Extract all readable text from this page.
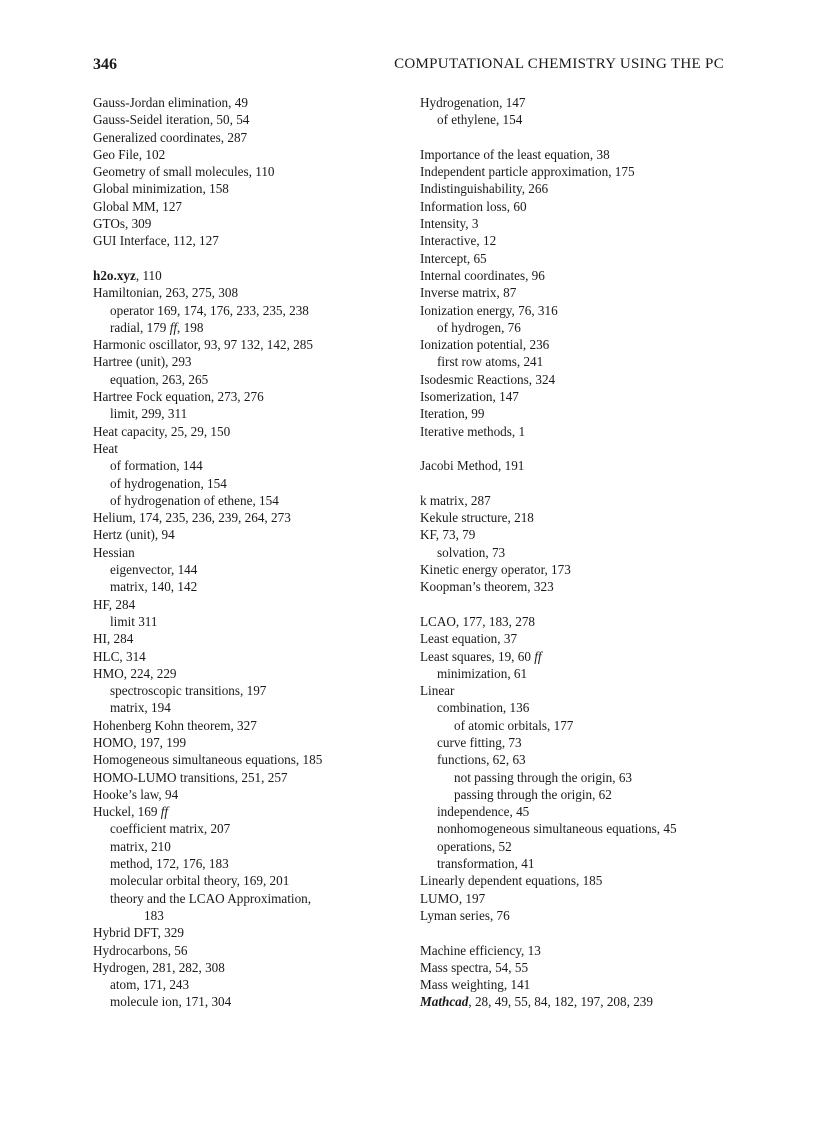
346	COMPUTATIONAL CHEMISTRY USING THE PC
Gauss-Jordan elimination, 49
Gauss-Seidel iteration, 50, 54
Generalized coordinates, 287
Geo File, 102
Geometry of small molecules, 110
Global minimization, 158
Global MM, 127
GTOs, 309
GUI Interface, 112, 127
h2o.xyz, 110
Hamiltonian, 263, 275, 308
operator 169, 174, 176, 233, 235, 238
radial, 179 ff, 198
Harmonic oscillator, 93, 97 132, 142, 285
Hartree (unit), 293
equation, 263, 265
Hartree Fock equation, 273, 276
limit, 299, 311
Heat capacity, 25, 29, 150
Heat
of formation, 144
of hydrogenation, 154
of hydrogenation of ethene, 154
Helium, 174, 235, 236, 239, 264, 273
Hertz (unit), 94
Hessian
eigenvector, 144
matrix, 140, 142
HF, 284
limit 311
HI, 284
HLC, 314
HMO, 224, 229
spectroscopic transitions, 197
matrix, 194
Hohenberg Kohn theorem, 327
HOMO, 197, 199
Homogeneous simultaneous equations, 185
HOMO-LUMO transitions, 251, 257
Hooke’s law, 94
Huckel, 169 ff
coefficient matrix, 207
matrix, 210
method, 172, 176, 183
molecular orbital theory, 169, 201
theory and the LCAO Approximation,
183
Hybrid DFT, 329
Hydrocarbons, 56
Hydrogen, 281, 282, 308
atom, 171, 243
molecule ion, 171, 304
Hydrogenation, 147
of ethylene, 154
Importance of the least equation, 38
Independent particle approximation, 175
Indistinguishability, 266
Information loss, 60
Intensity, 3
Interactive, 12
Intercept, 65
Internal coordinates, 96
Inverse matrix, 87
Ionization energy, 76, 316
of hydrogen, 76
Ionization potential, 236
first row atoms, 241
Isodesmic Reactions, 324
Isomerization, 147
Iteration, 99
Iterative methods, 1
Jacobi Method, 191
k matrix, 287
Kekule structure, 218
KF, 73, 79
solvation, 73
Kinetic energy operator, 173
Koopman’s theorem, 323
LCAO, 177, 183, 278
Least equation, 37
Least squares, 19, 60 ff
minimization, 61
Linear
combination, 136
of atomic orbitals, 177
curve fitting, 73
functions, 62, 63
not passing through the origin, 63
passing through the origin, 62
independence, 45
nonhomogeneous simultaneous equations, 45
operations, 52
transformation, 41
Linearly dependent equations, 185
LUMO, 197
Lyman series, 76
Machine efficiency, 13
Mass spectra, 54, 55
Mass weighting, 141
Mathcad, 28, 49, 55, 84, 182, 197, 208, 239
